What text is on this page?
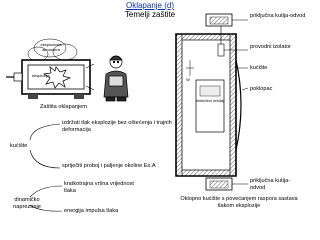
Oklapanje (d)
Temelji zaštite
eksplozivna atmosfera
eksplozija
Zaštita oklapanjem
priključna kutija-odvod
provodni izolator
kućište
poklopac
priključna kutija-odvod
električni uređaj
W
Oklopno kućište s povećanjem raspora sastava tlakom eksplozije
kućište
dinamičko naprezanje
izdržati tlak eksplozije bez oštećenja i trajnih deformacija
spriječiti proboj i paljenje okoline Ex.A
kratkotrajna vršna vrijednost tlaka
energija impulsa tlaka
